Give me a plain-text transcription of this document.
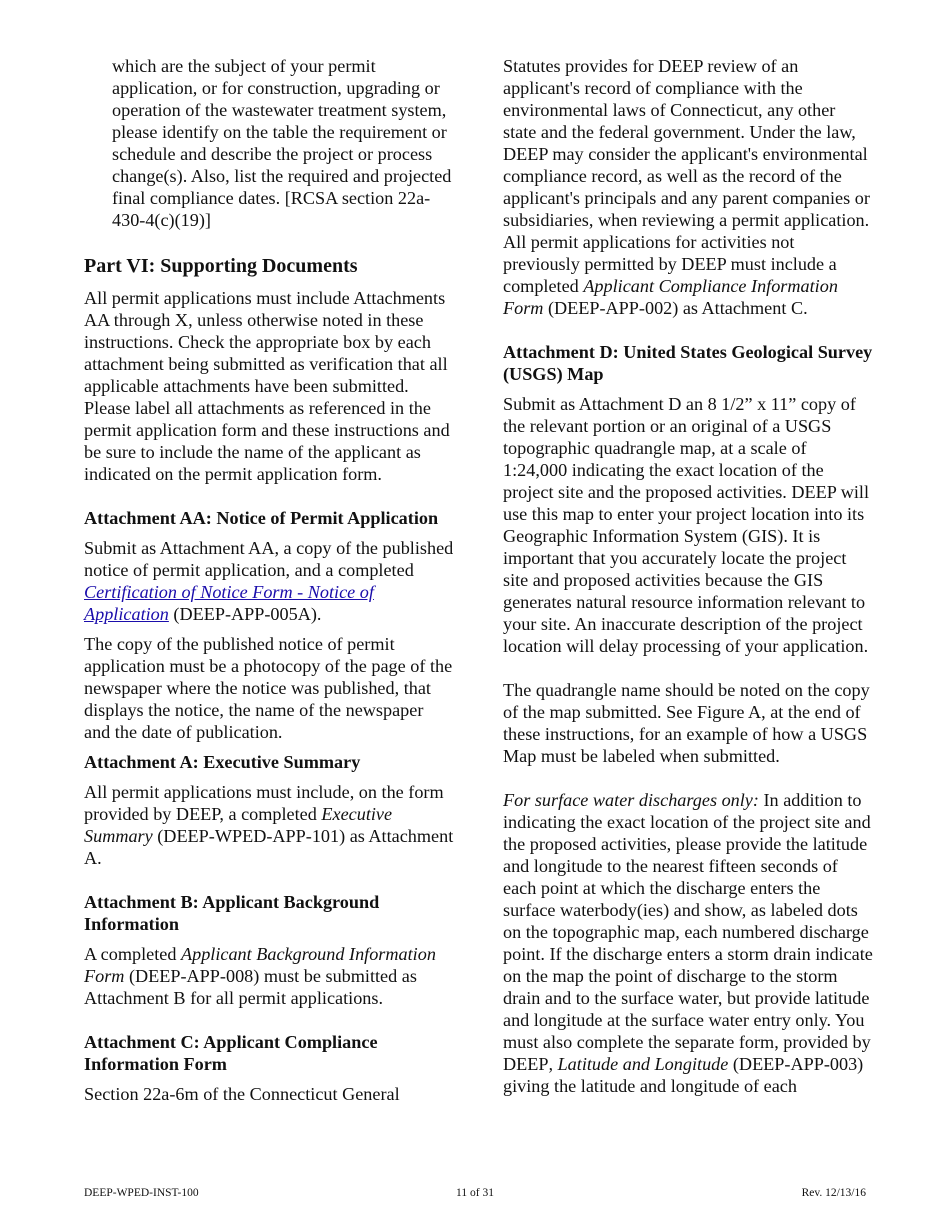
which are the subject of your permit application, or for construction, upgrading or operation of the wastewater treatment system, please identify on the table the requirement or schedule and describe the project or process change(s). Also, list the required and projected final compliance dates. [RCSA section 22a-430-4(c)(19)]

Part VI: Supporting Documents

All permit applications must include Attachments AA through X, unless otherwise noted in these instructions. Check the appropriate box by each attachment being submitted as verification that all applicable attachments have been submitted. Please label all attachments as referenced in the permit application form and these instructions and be sure to include the name of the applicant as indicated on the permit application form.

Attachment AA: Notice of Permit Application

Submit as Attachment AA, a copy of the published notice of permit application, and a completed Certification of Notice Form - Notice of Application (DEEP-APP-005A).

The copy of the published notice of permit application must be a photocopy of the page of the newspaper where the notice was published, that displays the notice, the name of the newspaper and the date of publication.

Attachment A: Executive Summary

All permit applications must include, on the form provided by DEEP, a completed Executive Summary (DEEP-WPED-APP-101) as Attachment A.

Attachment B: Applicant Background Information

A completed Applicant Background Information Form (DEEP-APP-008) must be submitted as Attachment B for all permit applications.

Attachment C: Applicant Compliance Information Form

Section 22a-6m of the Connecticut General

Statutes provides for DEEP review of an applicant's record of compliance with the environmental laws of Connecticut, any other state and the federal government. Under the law, DEEP may consider the applicant's environmental compliance record, as well as the record of the applicant's principals and any parent companies or subsidiaries, when reviewing a permit application. All permit applications for activities not previously permitted by DEEP must include a completed Applicant Compliance Information Form (DEEP-APP-002) as Attachment C.

Attachment D: United States Geological Survey (USGS) Map

Submit as Attachment D an 8 1/2” x 11” copy of the relevant portion or an original of a USGS topographic quadrangle map, at a scale of 1:24,000 indicating the exact location of the project site and the proposed activities. DEEP will use this map to enter your project location into its Geographic Information System (GIS). It is important that you accurately locate the project site and proposed activities because the GIS generates natural resource information relevant to your site. An inaccurate description of the project location will delay processing of your application.

The quadrangle name should be noted on the copy of the map submitted. See Figure A, at the end of these instructions, for an example of how a USGS Map must be labeled when submitted.

For surface water discharges only: In addition to indicating the exact location of the project site and the proposed activities, please provide the latitude and longitude to the nearest fifteen seconds of each point at which the discharge enters the surface waterbody(ies) and show, as labeled dots on the topographic map, each numbered discharge point. If the discharge enters a storm drain indicate on the map the point of discharge to the storm drain and to the surface water, but provide latitude and longitude at the surface water entry only. You must also complete the separate form, provided by DEEP, Latitude and Longitude (DEEP-APP-003) giving the latitude and longitude of each

DEEP-WPED-INST-100	11 of 31	Rev. 12/13/16
